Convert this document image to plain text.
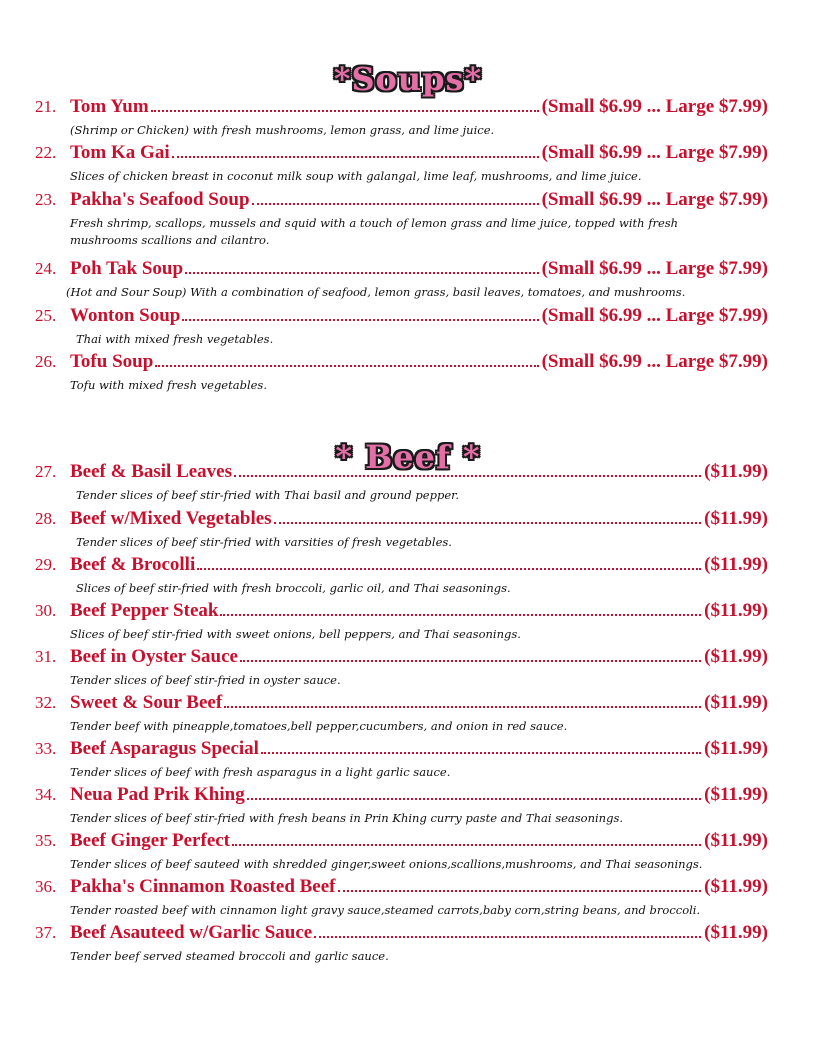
*Soups*
21. Tom Yum	(Small $6.99 ... Large $7.99)
(Shrimp or Chicken) with fresh mushrooms, lemon grass, and lime juice.
22. Tom Ka Gai	(Small $6.99 ... Large $7.99)
Slices of chicken breast in coconut milk soup with galangal, lime leaf, mushrooms, and lime juice.
23. Pakha's Seafood Soup	(Small $6.99 ... Large $7.99)
Fresh shrimp, scallops, mussels and squid with a touch of lemon grass and lime juice, topped with fresh mushrooms scallions and cilantro.
24. Poh Tak Soup	(Small $6.99 ... Large $7.99)
(Hot and Sour Soup) With a combination of seafood, lemon grass, basil leaves, tomatoes, and mushrooms.
25. Wonton Soup	(Small $6.99 ... Large $7.99)
Thai with mixed fresh vegetables.
26. Tofu Soup	(Small $6.99 ... Large $7.99)
Tofu with mixed fresh vegetables.
* Beef *
27. Beef & Basil Leaves	($11.99)
Tender slices of beef stir-fried with Thai basil and ground pepper.
28. Beef w/Mixed Vegetables	($11.99)
Tender slices of beef stir-fried with varsities of fresh vegetables.
29. Beef & Brocolli	($11.99)
Slices of beef stir-fried with fresh broccoli, garlic oil, and Thai seasonings.
30. Beef Pepper Steak	($11.99)
Slices of beef stir-fried with sweet onions, bell peppers, and Thai seasonings.
31. Beef in Oyster Sauce	($11.99)
Tender slices of beef stir-fried in oyster sauce.
32. Sweet & Sour Beef	($11.99)
Tender beef with pineapple,tomatoes,bell pepper,cucumbers, and onion in red sauce.
33. Beef Asparagus Special	($11.99)
Tender slices of beef with fresh asparagus in a light garlic sauce.
34. Neua Pad Prik Khing	($11.99)
Tender slices of beef stir-fried with fresh beans in Prin Khing curry paste and Thai seasonings.
35. Beef Ginger Perfect	($11.99)
Tender slices of beef sauteed with shredded ginger,sweet onions,scallions,mushrooms, and Thai seasonings.
36. Pakha's Cinnamon Roasted Beef	($11.99)
Tender roasted beef with cinnamon light gravy sauce,steamed carrots,baby corn,string beans, and broccoli.
37. Beef Asauteed w/Garlic Sauce	($11.99)
Tender beef served steamed broccoli and garlic sauce.
